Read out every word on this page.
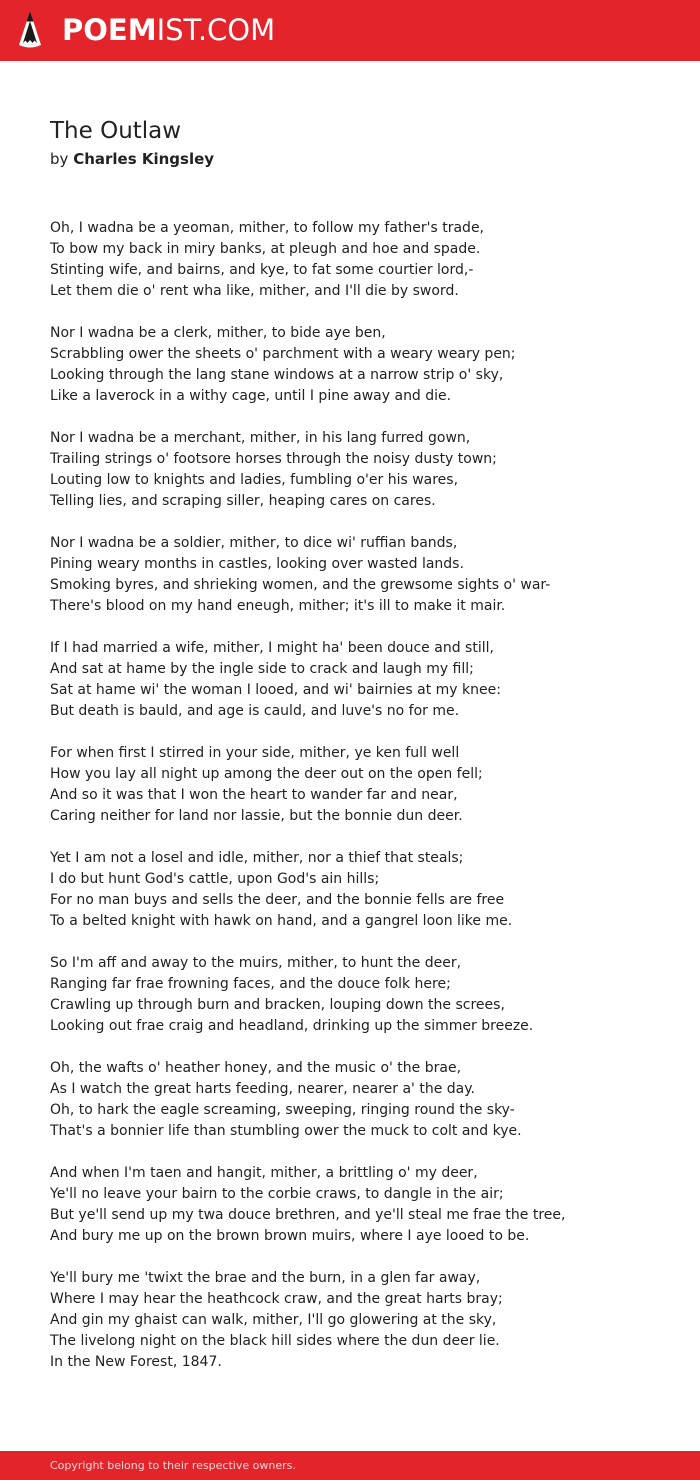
POEMIST.COM
The Outlaw
by Charles Kingsley
Oh, I wadna be a yeoman, mither, to follow my father's trade,
To bow my back in miry banks, at pleugh and hoe and spade.
Stinting wife, and bairns, and kye, to fat some courtier lord,-
Let them die o' rent wha like, mither, and I'll die by sword.
Nor I wadna be a clerk, mither, to bide aye ben,
Scrabbling ower the sheets o' parchment with a weary weary pen;
Looking through the lang stane windows at a narrow strip o' sky,
Like a laverock in a withy cage, until I pine away and die.
Nor I wadna be a merchant, mither, in his lang furred gown,
Trailing strings o' footsore horses through the noisy dusty town;
Louting low to knights and ladies, fumbling o'er his wares,
Telling lies, and scraping siller, heaping cares on cares.
Nor I wadna be a soldier, mither, to dice wi' ruffian bands,
Pining weary months in castles, looking over wasted lands.
Smoking byres, and shrieking women, and the grewsome sights o' war-
There's blood on my hand eneugh, mither; it's ill to make it mair.
If I had married a wife, mither, I might ha' been douce and still,
And sat at hame by the ingle side to crack and laugh my fill;
Sat at hame wi' the woman I looed, and wi' bairnies at my knee:
But death is bauld, and age is cauld, and luve's no for me.
For when first I stirred in your side, mither, ye ken full well
How you lay all night up among the deer out on the open fell;
And so it was that I won the heart to wander far and near,
Caring neither for land nor lassie, but the bonnie dun deer.
Yet I am not a losel and idle, mither, nor a thief that steals;
I do but hunt God's cattle, upon God's ain hills;
For no man buys and sells the deer, and the bonnie fells are free
To a belted knight with hawk on hand, and a gangrel loon like me.
So I'm aff and away to the muirs, mither, to hunt the deer,
Ranging far frae frowning faces, and the douce folk here;
Crawling up through burn and bracken, louping down the screes,
Looking out frae craig and headland, drinking up the simmer breeze.
Oh, the wafts o' heather honey, and the music o' the brae,
As I watch the great harts feeding, nearer, nearer a' the day.
Oh, to hark the eagle screaming, sweeping, ringing round the sky-
That's a bonnier life than stumbling ower the muck to colt and kye.
And when I'm taen and hangit, mither, a brittling o' my deer,
Ye'll no leave your bairn to the corbie craws, to dangle in the air;
But ye'll send up my twa douce brethren, and ye'll steal me frae the tree,
And bury me up on the brown brown muirs, where I aye looed to be.
Ye'll bury me 'twixt the brae and the burn, in a glen far away,
Where I may hear the heathcock craw, and the great harts bray;
And gin my ghaist can walk, mither, I'll go glowering at the sky,
The livelong night on the black hill sides where the dun deer lie.
In the New Forest, 1847.
Copyright belong to their respective owners.
